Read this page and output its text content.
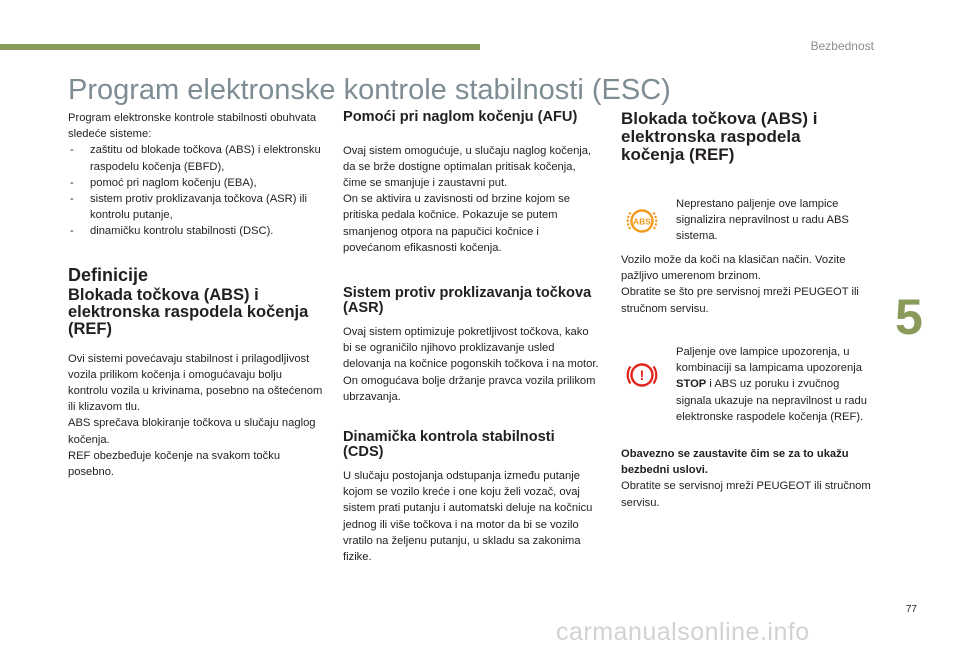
Bezbednost
5
77
carmanualsonline.info
Program elektronske kontrole stabilnosti (ESC)

Program elektronske kontrole stabilnosti obuhvata sledeće sisteme:

- zaštitu od blokade točkova (ABS) i elektronsku raspodelu kočenja (EBFD),
- pomoć pri naglom kočenju (EBA),
- sistem protiv proklizavanja točkova (ASR) ili kontrolu putanje,
- dinamičku kontrolu stabilnosti (DSC).
Definicije
Blokada točkova (ABS) i elektronska raspodela kočenja (REF)

Ovi sistemi povećavaju stabilnost i prilagodljivost vozila prilikom kočenja i omogućavaju bolju kontrolu vozila u krivinama, posebno na oštećenom ili klizavom tlu.

ABS sprečava blokiranje točkova u slučaju naglog kočenja.

REF obezbeđuje kočenje na svakom točku posebno.

Pomoći pri naglom kočenju (AFU)

Ovaj sistem omogućuje, u slučaju naglog kočenja, da se brže dostigne optimalan pritisak kočenja, čime se smanjuje i zaustavni put.

On se aktivira u zavisnosti od brzine kojom se pritiska pedala kočnice. Pokazuje se putem smanjenog otpora na papučici kočnice i povećanom efikasnosti kočenja.

Sistem protiv proklizavanja točkova (ASR)

Ovaj sistem optimizuje pokretljivost točkova, kako bi se ograničilo njihovo proklizavanje usled delovanja na kočnice pogonskih točkova i na motor. On omogućava bolje držanje pravca vozila prilikom ubrzavanja.

Dinamička kontrola stabilnosti (CDS)

U slučaju postojanja odstupanja između putanje kojom se vozilo kreće i one koju želi vozač, ovaj sistem prati putanju i automatski deluje na kočnicu jednog ili više točkova i na motor da bi se vozilo vratilo na željenu putanju, u skladu sa zakonima fizike.

Blokada točkova (ABS) i elektronska raspodela kočenja (REF)
ABS
Neprestano paljenje ove lampice signalizira nepravilnost u radu ABS sistema.

Vozilo može da koči na klasičan način. Vozite pažljivo umerenom brzinom.

Obratite se što pre servisnoj mreži PEUGEOT ili stručnom servisu.

!
Paljenje ove lampice upozorenja, u kombinaciji sa lampicama upozorenja STOP i ABS uz poruku i zvučnog signala ukazuje na nepravilnost u radu elektronske raspodele kočenja (REF).

Obavezno se zaustavite čim se za to ukažu bezbedni uslovi.

Obratite se servisnoj mreži PEUGEOT ili stručnom servisu.
